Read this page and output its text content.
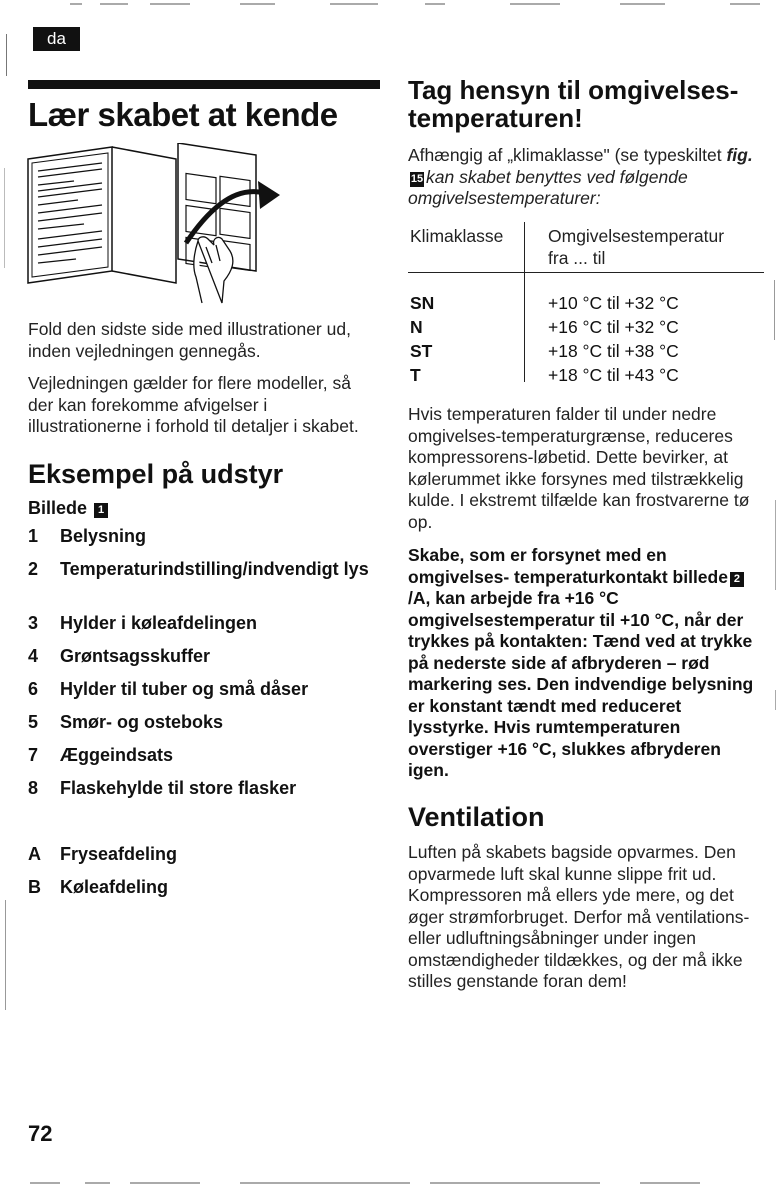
da
Lær skabet at kende
Fold den sidste side med illustrationer ud, inden vejledningen gennegås.
Vejledningen gælder for flere modeller, så der kan forekomme afvigelser i illustrationerne i forhold til detaljer i skabet.
Eksempel på udstyr
Billede 1
1	Belysning
2	Temperaturindstilling/indvendigt lys
3	Hylder i køleafdelingen
4	Grøntsagsskuffer
6	Hylder til tuber og små dåser
5	Smør- og osteboks
7	Æggeindsats
8	Flaskehylde til store flasker
A	Fryseafdeling
B	Køleafdeling
72
Tag hensyn til omgivelses-temperaturen!
Afhængig af „klimaklasse" (se typeskiltet fig. 15 kan skabet benyttes ved følgende omgivelsestemperaturer:
Klimaklasse	Omgivelsestemperatur fra ... til
SN	+10 °C til +32 °C
N	+16 °C til +32 °C
ST	+18 °C til +38 °C
T	+18 °C til +43 °C
Hvis temperaturen falder til under nedre omgivelses-temperaturgrænse, reduceres kompressorens-løbetid. Dette bevirker, at kølerummet ikke forsynes med tilstrækkelig kulde. I ekstremt tilfælde kan frostvarerne tø op.
Skabe, som er forsynet med en omgivelses- temperaturkontakt billede 2/A, kan arbejde fra +16 °C omgivelsestemperatur til +10 °C, når der trykkes på kontakten: Tænd ved at trykke på nederste side af afbryderen – rød markering ses. Den indvendige belysning er konstant tændt med reduceret lysstyrke. Hvis rumtemperaturen overstiger +16 °C, slukkes afbryderen igen.
Ventilation
Luften på skabets bagside opvarmes. Den opvarmede luft skal kunne slippe frit ud. Kompressoren må ellers yde mere, og det øger strømforbruget. Derfor må ventilations- eller udluftningsåbninger under ingen omstændigheder tildækkes, og der må ikke stilles genstande foran dem!
